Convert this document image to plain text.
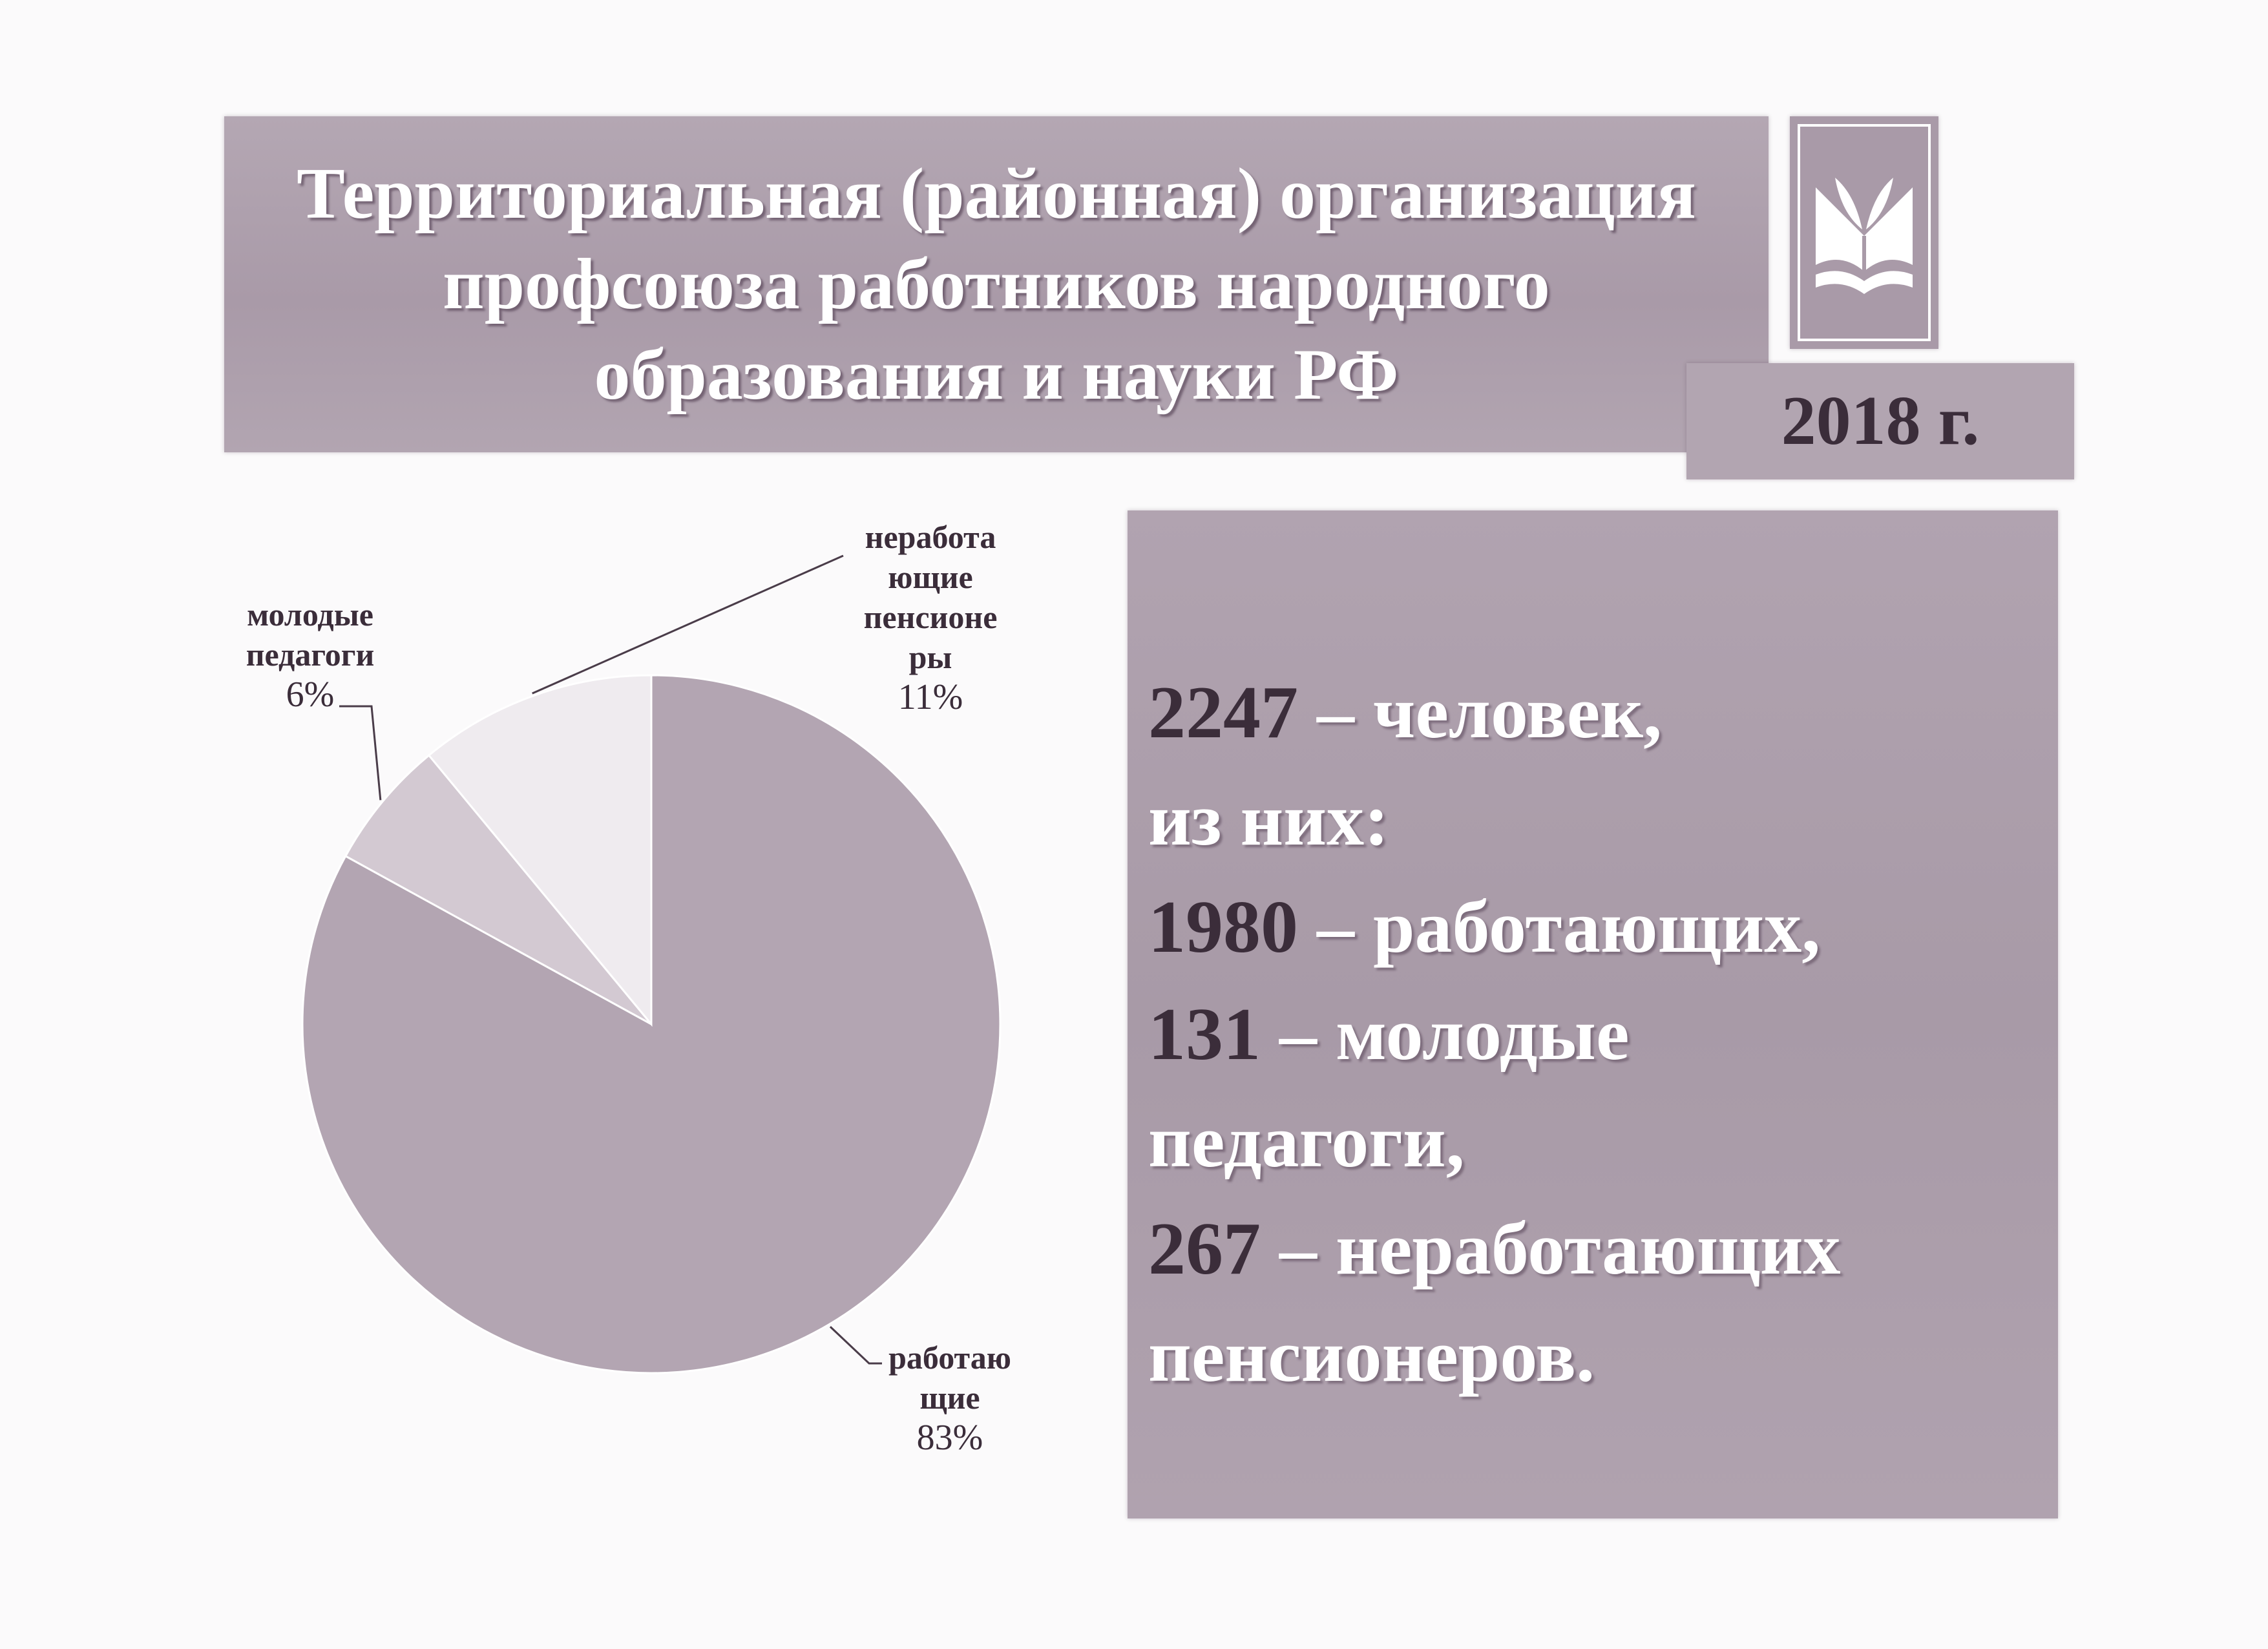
Территориальная (районная) организация
профсоюза работников народного
образования и науки РФ
2018 г.
работаю
щие
83%
молодые
педагоги
6%
неработа
ющие
пенсионе
ры
11%	2247 – человек,
из них:
1980 – работающих,
131 – молодые
педагоги,
267 – неработающих
пенсионеров.
